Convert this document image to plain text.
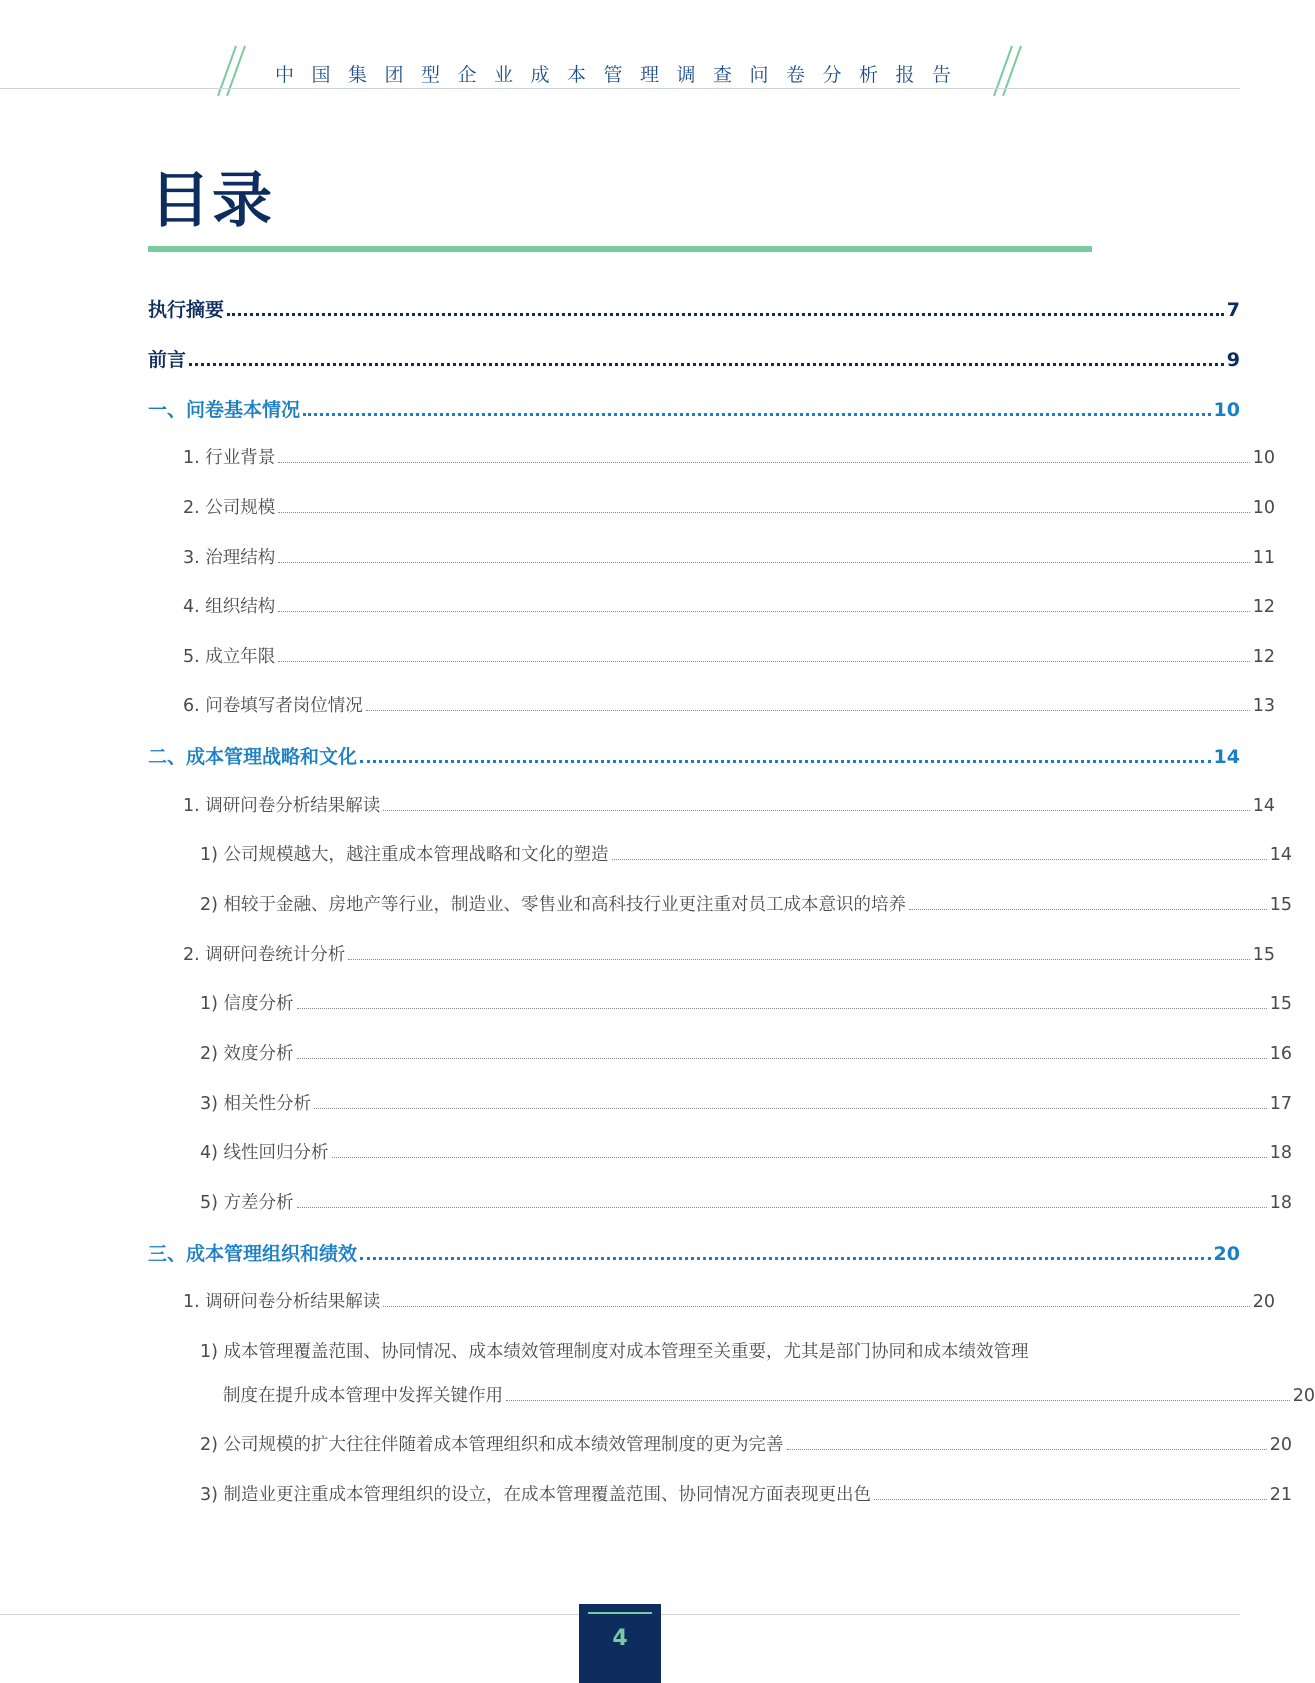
中国集团型企业成本管理调查问卷分析报告
目录
执行摘要	7
前言	9
一、问卷基本情况	10
1. 行业背景	10
2. 公司规模	10
3. 治理结构	11
4. 组织结构	12
5. 成立年限	12
6. 问卷填写者岗位情况	13
二、成本管理战略和文化	14
1. 调研问卷分析结果解读	14
1) 公司规模越大，越注重成本管理战略和文化的塑造	14
2) 相较于金融、房地产等行业，制造业、零售业和高科技行业更注重对员工成本意识的培养	15
2. 调研问卷统计分析	15
1) 信度分析	15
2) 效度分析	16
3) 相关性分析	17
4) 线性回归分析	18
5) 方差分析	18
三、成本管理组织和绩效	20
1. 调研问卷分析结果解读	20
1) 成本管理覆盖范围、协同情况、成本绩效管理制度对成本管理至关重要，尤其是部门协同和成本绩效管理
制度在提升成本管理中发挥关键作用	20
2) 公司规模的扩大往往伴随着成本管理组织和成本绩效管理制度的更为完善	20
3) 制造业更注重成本管理组织的设立，在成本管理覆盖范围、协同情况方面表现更出色	21
4
